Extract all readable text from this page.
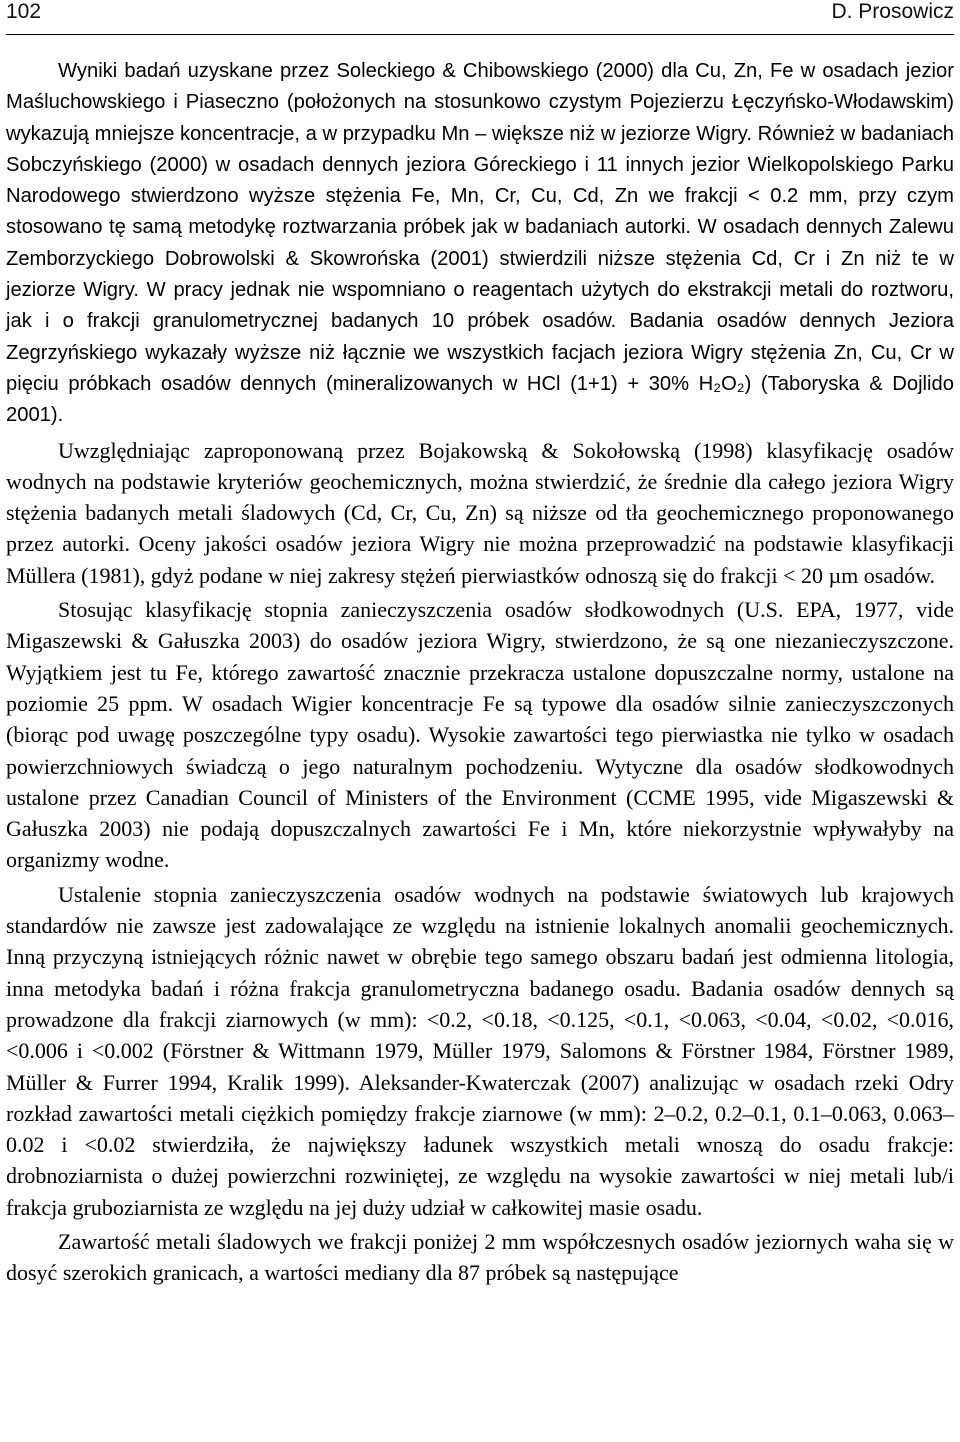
102	D. Prosowicz

Wyniki badań uzyskane przez Soleckiego & Chibowskiego (2000) dla Cu, Zn, Fe w osadach jezior Maśluchowskiego i Piaseczno (położonych na stosunkowo czystym Pojezierzu Łęczyńsko-Włodawskim) wykazują mniejsze koncentracje, a w przypadku Mn – większe niż w jeziorze Wigry. Również w badaniach Sobczyńskiego (2000) w osadach dennych jeziora Góreckiego i 11 innych jezior Wielkopolskiego Parku Narodowego stwierdzono wyższe stężenia Fe, Mn, Cr, Cu, Cd, Zn we frakcji < 0.2 mm, przy czym stosowano tę samą metodykę roztwarzania próbek jak w badaniach autorki. W osadach dennych Zalewu Zemborzyckiego Dobrowolski & Skowrońska (2001) stwierdzili niższe stężenia Cd, Cr i Zn niż te w jeziorze Wigry. W pracy jednak nie wspomniano o reagentach użytych do ekstrakcji metali do roztworu, jak i o frakcji granulometrycznej badanych 10 próbek osadów. Badania osadów dennych Jeziora Zegrzyńskiego wykazały wyższe niż łącznie we wszystkich facjach jeziora Wigry stężenia Zn, Cu, Cr w pięciu próbkach osadów dennych (mineralizowanych w HCl (1+1) + 30% H₂O₂) (Taboryska & Dojlido 2001).

Uwzględniając zaproponowaną przez Bojakowską & Sokołowską (1998) klasyfikację osadów wodnych na podstawie kryteriów geochemicznych, można stwierdzić, że średnie dla całego jeziora Wigry stężenia badanych metali śladowych (Cd, Cr, Cu, Zn) są niższe od tła geochemicznego proponowanego przez autorki. Oceny jakości osadów jeziora Wigry nie można przeprowadzić na podstawie klasyfikacji Müllera (1981), gdyż podane w niej zakresy stężeń pierwiastków odnoszą się do frakcji < 20 µm osadów.

Stosując klasyfikację stopnia zanieczyszczenia osadów słodkowodnych (U.S. EPA, 1977, vide Migaszewski & Gałuszka 2003) do osadów jeziora Wigry, stwierdzono, że są one niezanieczyszczone. Wyjątkiem jest tu Fe, którego zawartość znacznie przekracza ustalone dopuszczalne normy, ustalone na poziomie 25 ppm. W osadach Wigier koncentracje Fe są typowe dla osadów silnie zanieczyszczonych (biorąc pod uwagę poszczególne typy osadu). Wysokie zawartości tego pierwiastka nie tylko w osadach powierzchniowych świadczą o jego naturalnym pochodzeniu. Wytyczne dla osadów słodkowodnych ustalone przez Canadian Council of Ministers of the Environment (CCME 1995, vide Migaszewski & Gałuszka 2003) nie podają dopuszczalnych zawartości Fe i Mn, które niekorzystnie wpływałyby na organizmy wodne.

Ustalenie stopnia zanieczyszczenia osadów wodnych na podstawie światowych lub krajowych standardów nie zawsze jest zadowalające ze względu na istnienie lokalnych anomalii geochemicznych. Inną przyczyną istniejących różnic nawet w obrębie tego samego obszaru badań jest odmienna litologia, inna metodyka badań i różna frakcja granulometryczna badanego osadu. Badania osadów dennych są prowadzone dla frakcji ziarnowych (w mm): <0.2, <0.18, <0.125, <0.1, <0.063, <0.04, <0.02, <0.016, <0.006 i <0.002 (Förstner & Wittmann 1979, Müller 1979, Salomons & Förstner 1984, Förstner 1989, Müller & Furrer 1994, Kralik 1999). Aleksander-Kwaterczak (2007) analizując w osadach rzeki Odry rozkład zawartości metali ciężkich pomiędzy frakcje ziarnowe (w mm): 2–0.2, 0.2–0.1, 0.1–0.063, 0.063–0.02 i <0.02 stwierdziła, że największy ładunek wszystkich metali wnoszą do osadu frakcje: drobnoziarnista o dużej powierzchni rozwiniętej, ze względu na wysokie zawartości w niej metali lub/i frakcja gruboziarnista ze względu na jej duży udział w całkowitej masie osadu.

Zawartość metali śladowych we frakcji poniżej 2 mm współczesnych osadów jeziornych waha się w dosyć szerokich granicach, a wartości mediany dla 87 próbek są następujące
